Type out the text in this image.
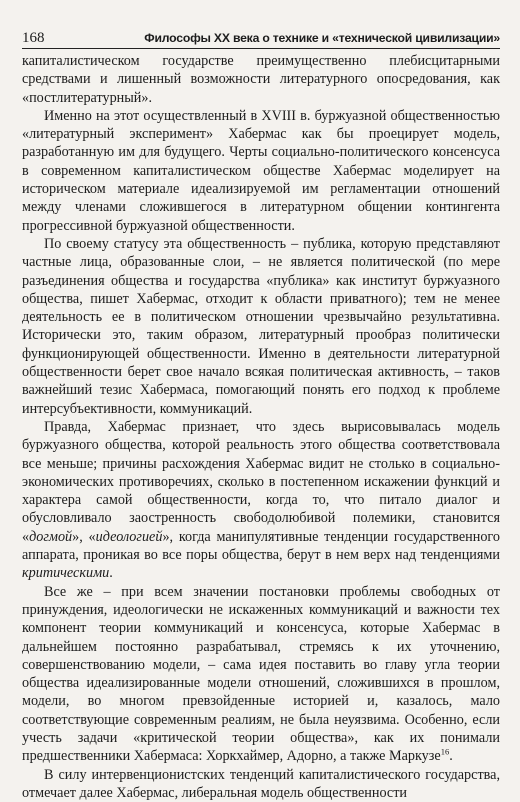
168	Философы XX века о технике и «технической цивилизации»

капиталистическом государстве преимущественно плебисцитарными средствами и лишенный возможности литературного опосредования, как «постлитературный».

Именно на этот осуществленный в XVIII в. буржуазной общественностью «литературный эксперимент» Хабермас как бы проецирует модель, разработанную им для будущего. Черты социально-политического консенсуса в современном капиталистическом обществе Хабермас моделирует на историческом материале идеализируемой им регламентации отношений между членами сложившегося в литературном общении контингента прогрессивной буржуазной общественности.

По своему статусу эта общественность – публика, которую представляют частные лица, образованные слои, – не является политической (по мере разъединения общества и государства «публика» как институт буржуазного общества, пишет Хабермас, отходит к области приватного); тем не менее деятельность ее в политическом отношении чрезвычайно результативна. Исторически это, таким образом, литературный прообраз политически функционирующей общественности. Именно в деятельности литературной общественности берет свое начало всякая политическая активность, – таков важнейший тезис Хабермаса, помогающий понять его подход к проблеме интерсубъективности, коммуникаций.

Правда, Хабермас признает, что здесь вырисовывалась модель буржуазного общества, которой реальность этого общества соответствовала все меньше; причины расхождения Хабермас видит не столько в социально-экономических противоречиях, сколько в постепенном искажении функций и характера самой общественности, когда то, что питало диалог и обусловливало заостренность свободолюбивой полемики, становится «догмой», «идеологией», когда манипулятивные тенденции государственного аппарата, проникая во все поры общества, берут в нем верх над тенденциями критическими.

Все же – при всем значении постановки проблемы свободных от принуждения, идеологически не искаженных коммуникаций и важности тех компонент теории коммуникаций и консенсуса, которые Хабермас в дальнейшем постоянно разрабатывал, стремясь к их уточнению, совершенствованию модели, – сама идея поставить во главу угла теории общества идеализированные модели отношений, сложившихся в прошлом, модели, во многом превзойденные историей и, казалось, мало соответствующие современным реалиям, не была неуязвима. Особенно, если учесть задачи «критической теории общества», как их понимали предшественники Хабермаса: Хоркхаймер, Адорно, а также Маркузе$^{16}$.

В силу интервенционистских тенденций капиталистического государства, отмечает далее Хабермас, либеральная модель общественности
